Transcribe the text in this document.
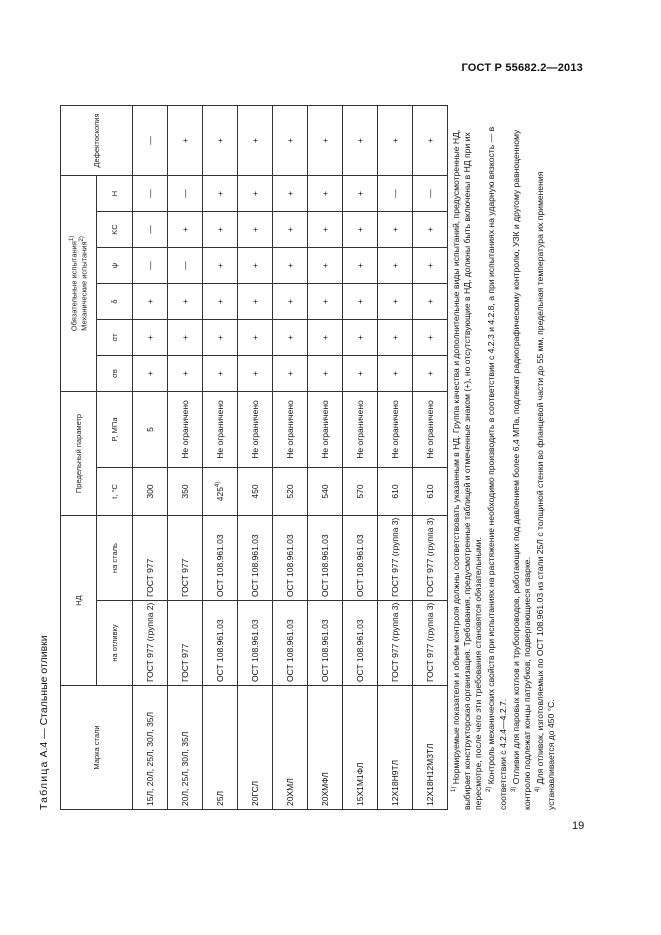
ГОСТ Р 55682.2—2013
Таблица А.4 — Стальные отливки	Марка стали	НД		Предельный параметр		Обязательные испытания$^{1)}$
Механические испытания$^{2)}$						Дефектоскопия
	на отливку	на сталь	t, °C	P, МПа	σв	σт	δ	ψ	KC	H	
15Л, 20Л, 25Л, 30Л, 35Л	ГОСТ 977 (группа 2)	ГОСТ 977	300	5	+	+	+	—	—	—	—
20Л, 25Л, 30Л, 35Л	ГОСТ 977	ГОСТ 977	350	Не ограничено	+	+	+	—	+	—	+
25Л	ОСТ 108.961.03	ОСТ 108.961.03	425$^{4)}$	Не ограничено	+	+	+	+	+	+	+
20ГСЛ	ОСТ 108.961.03	ОСТ 108.961.03	450	Не ограничено	+	+	+	+	+	+	+
20ХМЛ	ОСТ 108.961.03	ОСТ 108.961.03	520	Не ограничено	+	+	+	+	+	+	+
20ХМФЛ	ОСТ 108.961.03	ОСТ 108.961.03	540	Не ограничено	+	+	+	+	+	+	+
15Х1М1ФЛ	ОСТ 108.961.03	ОСТ 108.961.03	570	Не ограничено	+	+	+	+	+	+	+
12Х18Н9ТЛ	ГОСТ 977 (группа 3)	ГОСТ 977 (группа 3)	610	Не ограничено	+	+	+	+	+	—	+
12Х18Н12М3ТЛ	ГОСТ 977 (группа 3)	ГОСТ 977 (группа 3)	610	Не ограничено	+	+	+	+	+	—	+

$^{1)}$ Нормируемые показатели и объем контроля должны соответствовать указанным в НД. Группа качества и дополнительные виды испытаний, предусмотренные НД, выбирает конструкторская организация. Требования, предусмотренные таблицей и отмеченные знаком (+), но отсутствующие в НД, должны быть включены в НД при их пересмотре, после чего эти требования становятся обязательными. $^{2)}$ Контроль механических свойств при испытаниях на растяжение необходимо производить в соответствии с 4.2.3 и 4.2.8, а при испытаниях на ударную вязкость — в соответствии с 4.2.4—4.2.7. $^{3)}$ Отливки для паровых котлов и трубопроводов, работающих под давлением более 6,4 МПа, подлежат радиографическому контролю, УЗК и другому равноценному контролю подлежат концы патрубков, подвергающиеся сварке. $^{4)}$ Для отливок, изготовляемых по ОСТ 108.961.03 из стали 25Л с толщиной стенки во фланцевой части до 55 мм, предельная температура их применения устанавливается до 450 °C.

19
